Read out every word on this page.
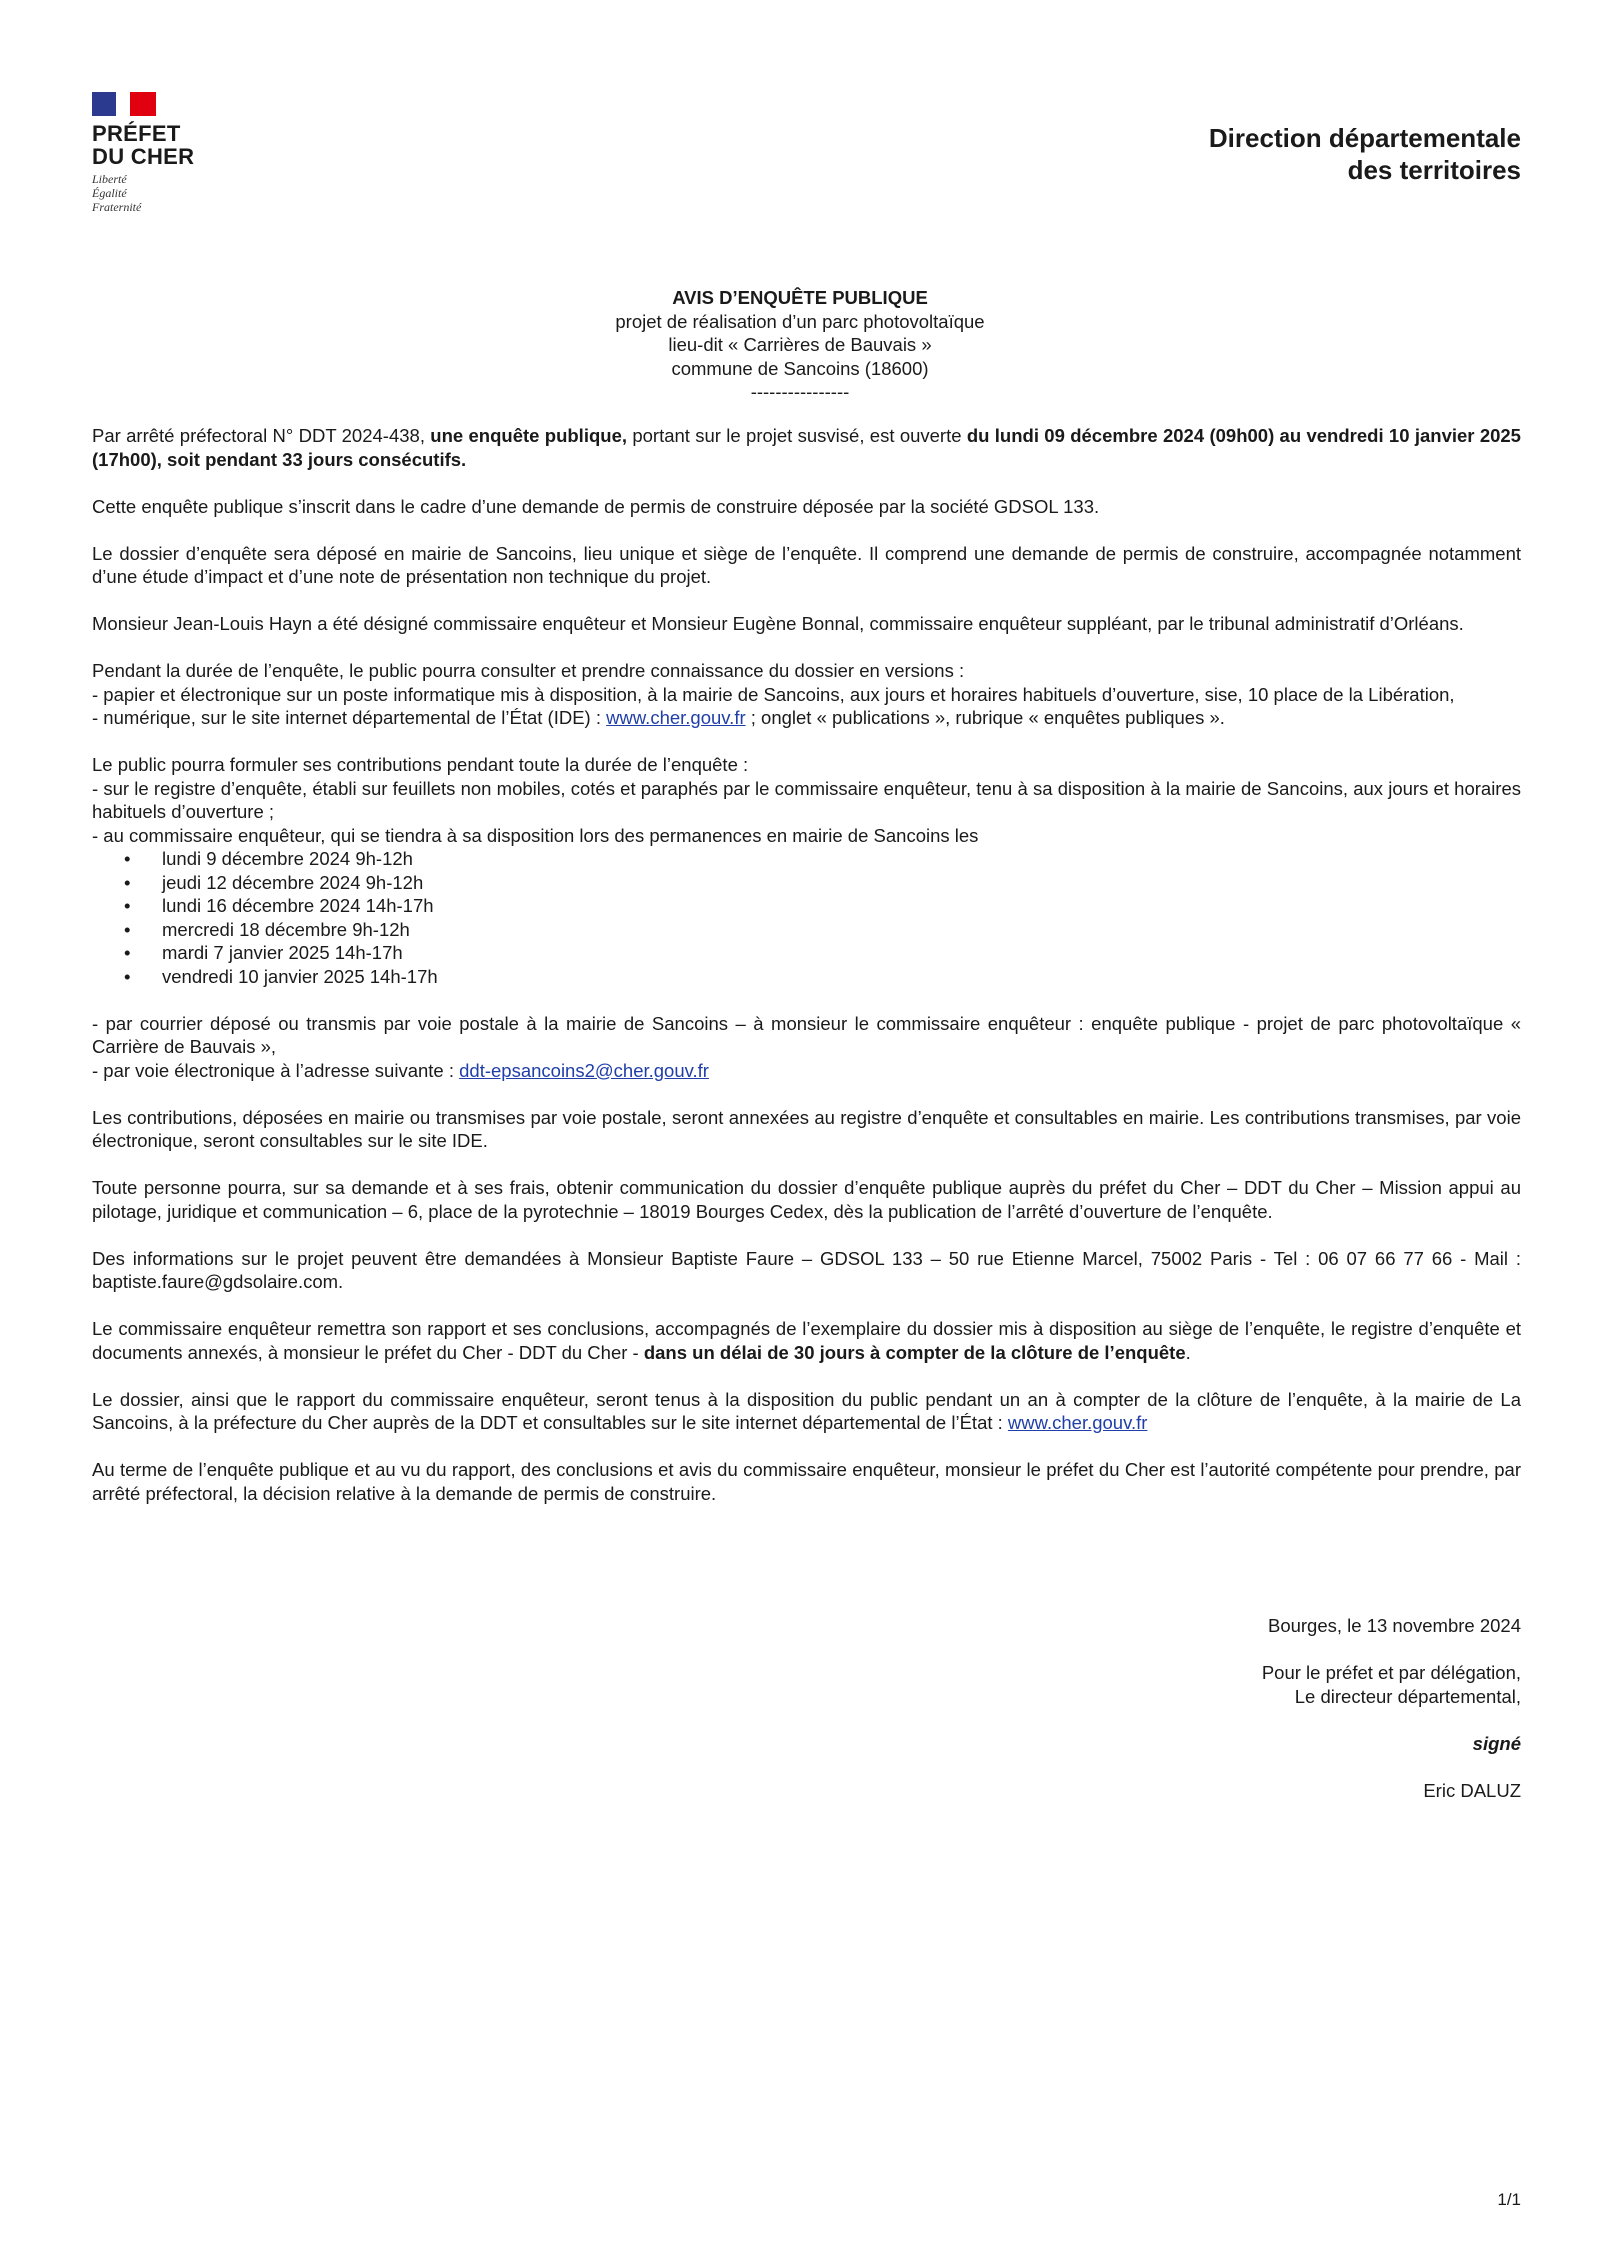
PRÉFET
DU CHER
Liberté
Égalité
Fraternité
Direction départementale
des territoires
AVIS D’ENQUÊTE PUBLIQUE
projet de réalisation d’un parc photovoltaïque
lieu-dit « Carrières de Bauvais »
commune de Sancoins (18600)
----------------

Par arrêté préfectoral N° DDT 2024-438, une enquête publique, portant sur le projet susvisé, est ouverte du lundi 09 décembre 2024 (09h00) au vendredi 10 janvier 2025 (17h00), soit pendant 33 jours consécutifs.

Cette enquête publique s’inscrit dans le cadre d’une demande de permis de construire déposée par la société GDSOL 133.

Le dossier d’enquête sera déposé en mairie de Sancoins, lieu unique et siège de l’enquête. Il comprend une demande de permis de construire, accompagnée notamment d’une étude d’impact et d’une note de présentation non technique du projet.

Monsieur Jean-Louis Hayn a été désigné commissaire enquêteur et Monsieur Eugène Bonnal, commissaire enquêteur suppléant, par le tribunal administratif d’Orléans.

Pendant la durée de l’enquête, le public pourra consulter et prendre connaissance du dossier en versions :
- papier et électronique sur un poste informatique mis à disposition, à la mairie de Sancoins, aux jours et horaires habituels d’ouverture, sise, 10 place de la Libération,
- numérique, sur le site internet départemental de l’État (IDE) : www.cher.gouv.fr ; onglet « publications », rubrique « enquêtes publiques ».

Le public pourra formuler ses contributions pendant toute la durée de l’enquête :
- sur le registre d’enquête, établi sur feuillets non mobiles, cotés et paraphés par le commissaire enquêteur, tenu à sa disposition à la mairie de Sancoins, aux jours et horaires habituels d’ouverture ;
- au commissaire enquêteur, qui se tiendra à sa disposition lors des permanences en mairie de Sancoins les
• lundi 9 décembre 2024 9h-12h
• jeudi 12 décembre 2024 9h-12h
• lundi 16 décembre 2024 14h-17h
• mercredi 18 décembre 9h-12h
• mardi 7 janvier 2025 14h-17h
• vendredi 10 janvier 2025 14h-17h

- par courrier déposé ou transmis par voie postale à la mairie de Sancoins – à monsieur le commissaire enquêteur : enquête publique - projet de parc photovoltaïque « Carrière de Bauvais »,
- par voie électronique à l’adresse suivante : ddt-epsancoins2@cher.gouv.fr

Les contributions, déposées en mairie ou transmises par voie postale, seront annexées au registre d’enquête et consultables en mairie. Les contributions transmises, par voie électronique, seront consultables sur le site IDE.

Toute personne pourra, sur sa demande et à ses frais, obtenir communication du dossier d’enquête publique auprès du préfet du Cher – DDT du Cher – Mission appui au pilotage, juridique et communication – 6, place de la pyrotechnie – 18019 Bourges Cedex, dès la publication de l’arrêté d’ouverture de l’enquête.

Des informations sur le projet peuvent être demandées à Monsieur Baptiste Faure – GDSOL 133 – 50 rue Etienne Marcel, 75002 Paris - Tel : 06 07 66 77 66 - Mail : baptiste.faure@gdsolaire.com.

Le commissaire enquêteur remettra son rapport et ses conclusions, accompagnés de l’exemplaire du dossier mis à disposition au siège de l’enquête, le registre d’enquête et documents annexés, à monsieur le préfet du Cher - DDT du Cher - dans un délai de 30 jours à compter de la clôture de l’enquête.

Le dossier, ainsi que le rapport du commissaire enquêteur, seront tenus à la disposition du public pendant un an à compter de la clôture de l’enquête, à la mairie de La Sancoins, à la préfecture du Cher auprès de la DDT et consultables sur le site internet départemental de l’État : www.cher.gouv.fr

Au terme de l’enquête publique et au vu du rapport, des conclusions et avis du commissaire enquêteur, monsieur le préfet du Cher est l’autorité compétente pour prendre, par arrêté préfectoral, la décision relative à la demande de permis de construire.

Bourges, le 13 novembre 2024
Pour le préfet et par délégation,
Le directeur départemental,
signé
Eric DALUZ
1/1
